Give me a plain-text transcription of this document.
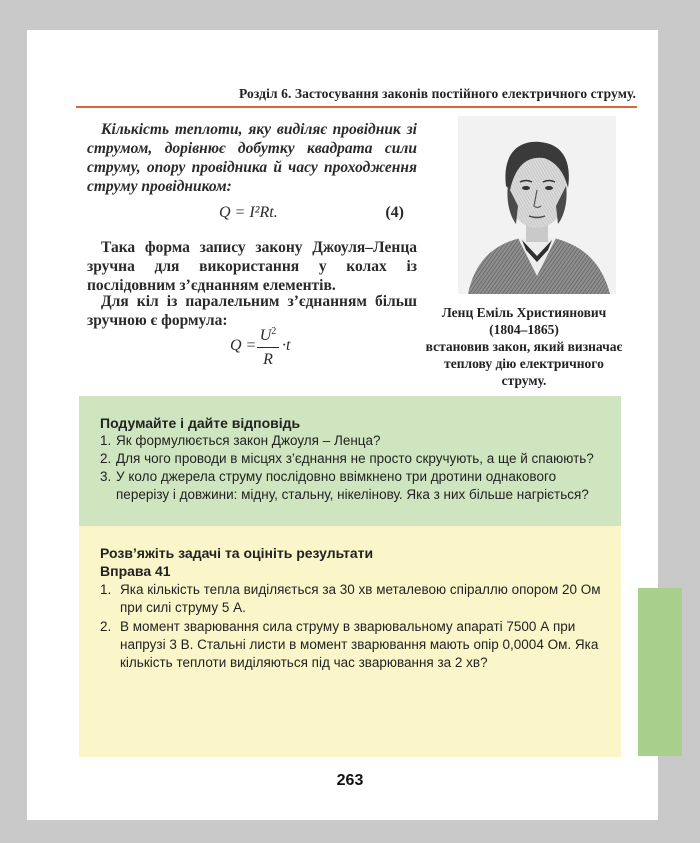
Розділ 6. Застосування законів постійного електричного струму.
Кількість теплоти, яку виділяє провідник зі струмом, дорівнює добутку квадрата сили струму, опору провідника й часу проходження струму провідником:
Q = I²Rt.	(4)
Така форма запису закону Джоуля–Ленца зручна для використання у колах із послідовним з’єднанням елементів.
Для кіл із паралельним з’єднанням більш зручною є формула:
$Q = \frac{U^2}{R} \cdot t$
Ленц Еміль Християнович
(1804–1865)
встановив закон, який визначає теплову дію електричного струму.
Подумайте і дайте відповідь
1. Як формулюється закон Джоуля – Ленца?
2. Для чого проводи в місцях з’єднання не просто скручують, а ще й спаюють?
3. У коло джерела струму послідовно ввімкнено три дротини однакового перерізу і довжини: мідну, стальну, нікелінову. Яка з них більше нагріється?
Розв’яжіть задачі та оцініть результати
Вправа 41
1. Яка кількість тепла виділяється за 30 хв металевою спіраллю опором 20 Ом при силі струму 5 А.
2. В момент зварювання сила струму в зварювальному апараті 7500 А при напрузі 3 В. Стальні листи в момент зварювання мають опір 0,0004 Ом. Яка кількість теплоти виділяються під час зварювання за 2 хв?
263
